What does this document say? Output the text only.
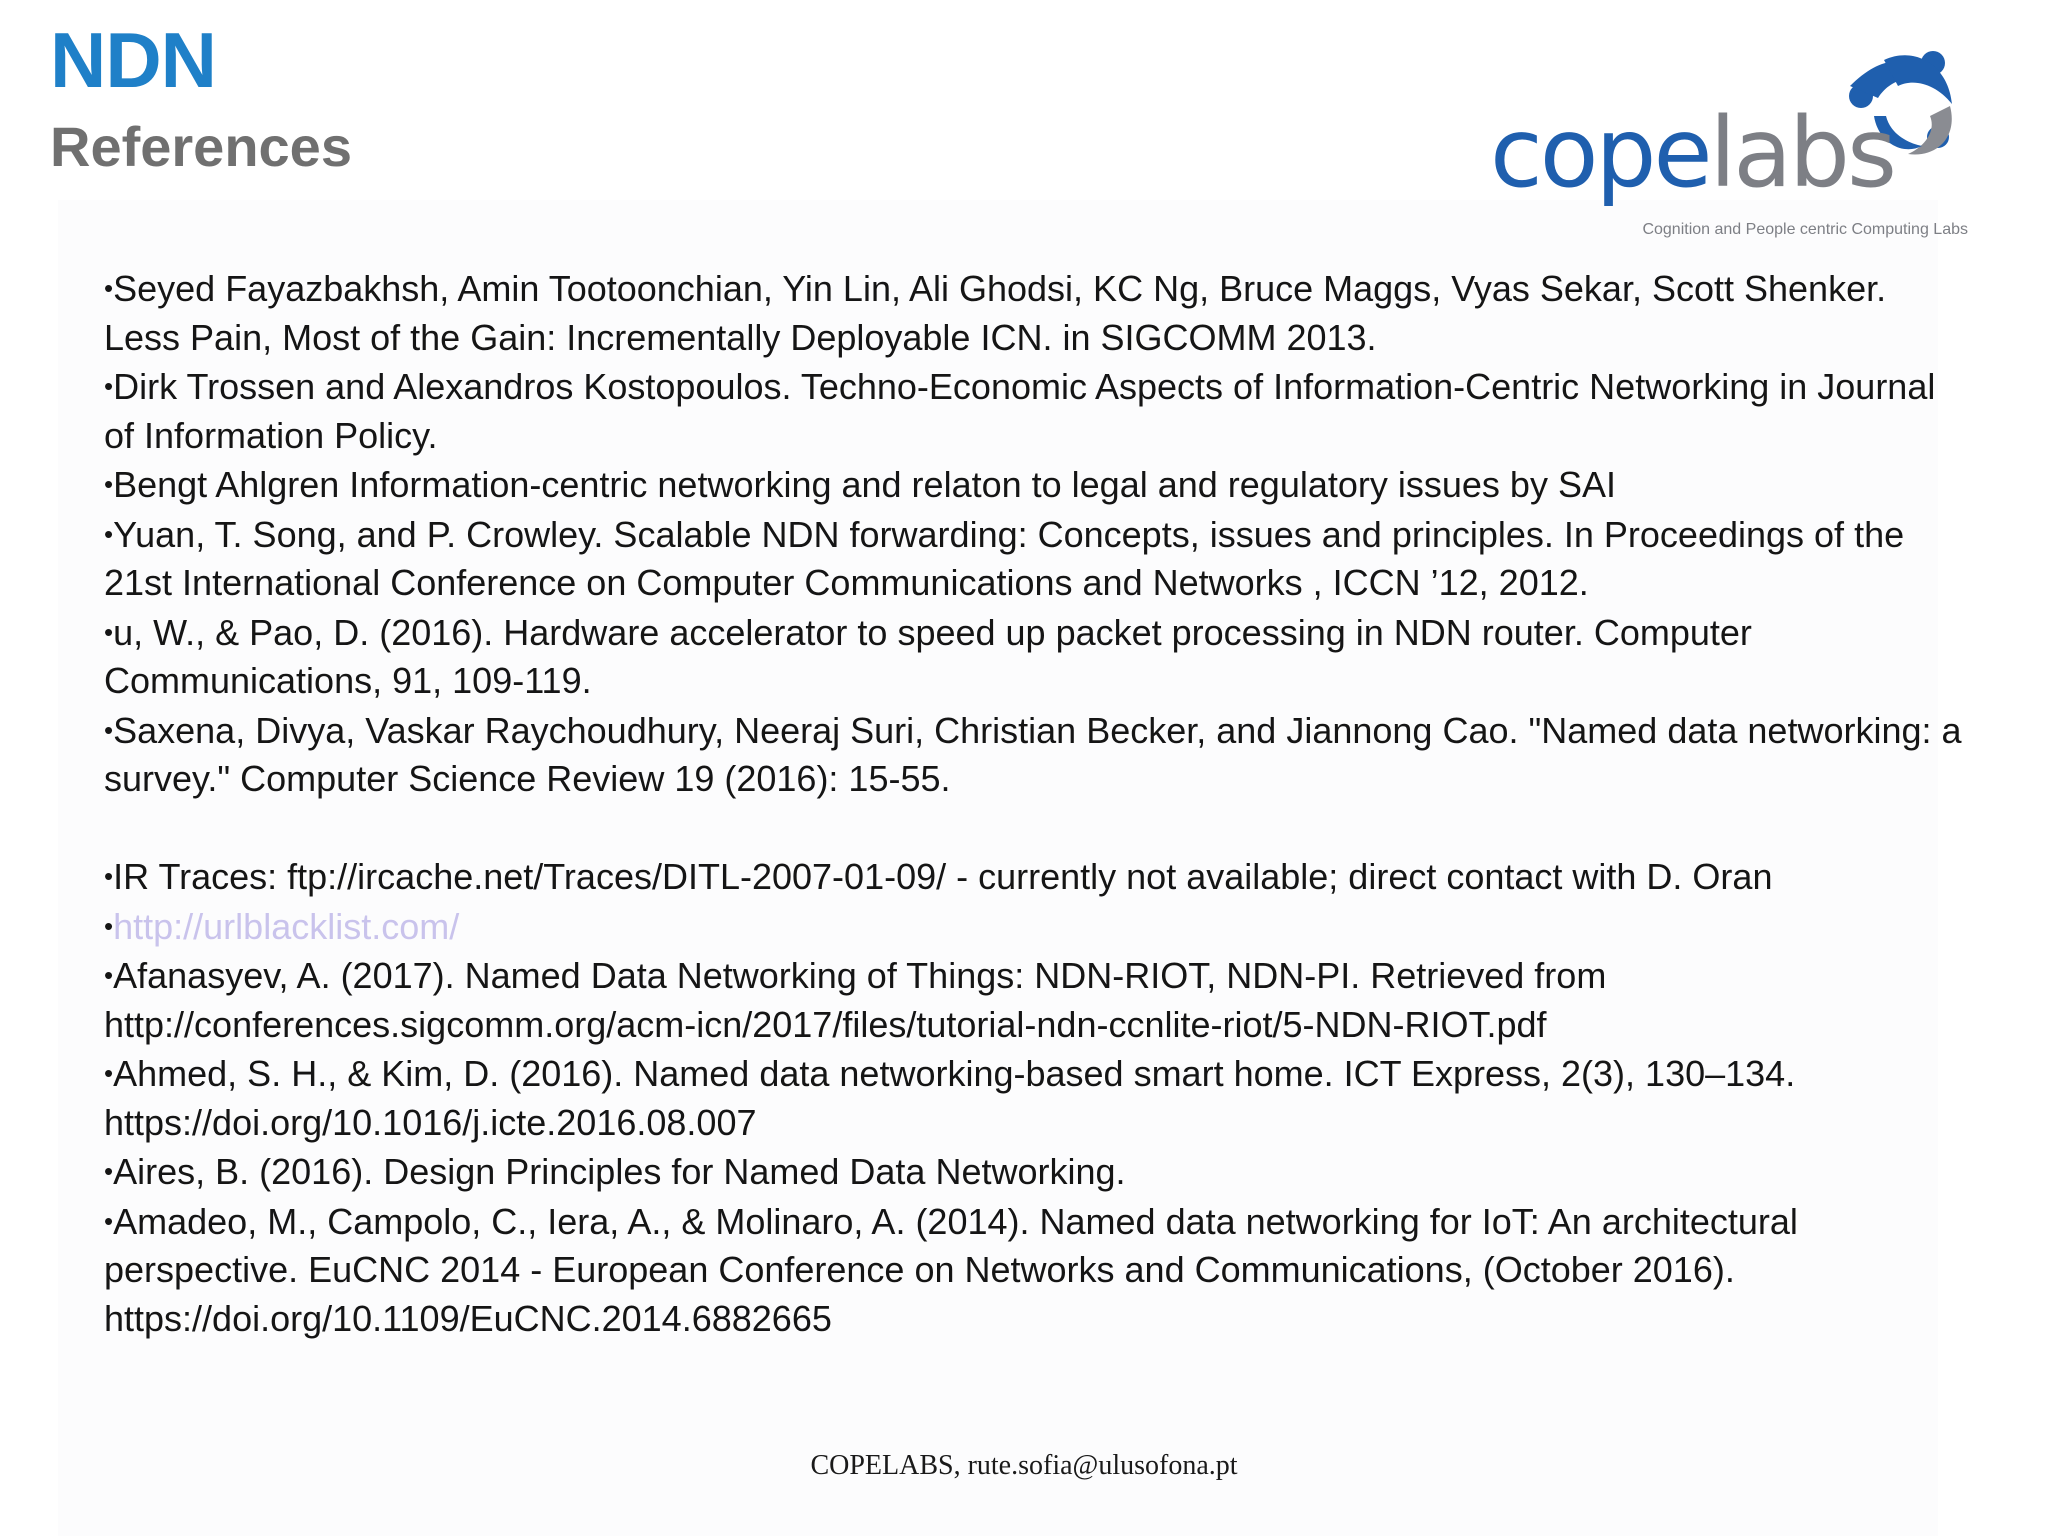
NDN
References	copelabs
Cognition and People centric Computing Labs

•Seyed Fayazbakhsh, Amin Tootoonchian, Yin Lin, Ali Ghodsi, KC Ng, Bruce Maggs, Vyas Sekar, Scott Shenker. Less Pain, Most of the Gain: Incrementally Deployable ICN. in SIGCOMM 2013.

•Dirk Trossen and Alexandros Kostopoulos. Techno-Economic Aspects of Information-Centric Networking in Journal of Information Policy.

•Bengt Ahlgren Information-centric networking and relaton to legal and regulatory issues by SAI

•Yuan, T. Song, and P. Crowley. Scalable NDN forwarding: Concepts, issues and principles. In Proceedings of the 21st International Conference on Computer Communications and Networks , ICCN ’12, 2012.

•u, W., & Pao, D. (2016). Hardware accelerator to speed up packet processing in NDN router. Computer Communications, 91, 109-119.

•Saxena, Divya, Vaskar Raychoudhury, Neeraj Suri, Christian Becker, and Jiannong Cao. "Named data networking: a survey." Computer Science Review 19 (2016): 15-55.

•IR Traces: ftp://ircache.net/Traces/DITL-2007-01-09/ - currently not available; direct contact with D. Oran

•http://urlblacklist.com/

•Afanasyev, A. (2017). Named Data Networking of Things: NDN-RIOT, NDN-PI. Retrieved from http://conferences.sigcomm.org/acm-icn/2017/files/tutorial-ndn-ccnlite-riot/5-NDN-RIOT.pdf

•Ahmed, S. H., & Kim, D. (2016). Named data networking-based smart home. ICT Express, 2(3), 130–134. https://doi.org/10.1016/j.icte.2016.08.007

•Aires, B. (2016). Design Principles for Named Data Networking.

•Amadeo, M., Campolo, C., Iera, A., & Molinaro, A. (2014). Named data networking for IoT: An architectural perspective. EuCNC 2014 - European Conference on Networks and Communications, (October 2016). https://doi.org/10.1109/EuCNC.2014.6882665

COPELABS, rute.sofia@ulusofona.pt
